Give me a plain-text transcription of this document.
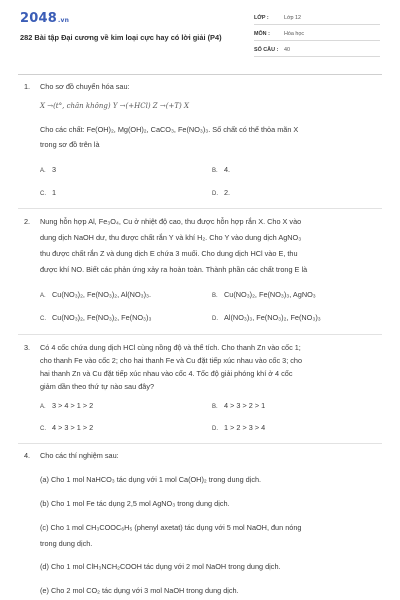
2048.vn
282 Bài tập Đại cương về kim loại cực hay có lời giải (P4)
LỚP :	Lớp 12
MÔN :	Hóa học
SỐ CÂU : 40
1. Cho sơ đồ chuyển hóa sau:
X →(t°, chân không) Y →(+HCl) Z →(+T) X
Cho các chất: Fe(OH)₂, Mg(OH)₂, CaCO₃, Fe(NO₃)₃. Số chất có thể thỏa mãn X
trong sơ đồ trên là
A. 3	B. 4.
C. 1	D. 2.
2. Nung hỗn hợp Al, Fe₃O₄, Cu ở nhiệt độ cao, thu được hỗn hợp rắn X. Cho X vào
dung dịch NaOH dư, thu được chất rắn Y và khí H₂. Cho Y vào dung dịch AgNO₃
thu được chất rắn Z và dung dịch E chứa 3 muối. Cho dung dịch HCl vào E, thu
được khí NO. Biết các phản ứng xảy ra hoàn toàn. Thành phần các chất trong E là
A. Cu(NO₃)₂, Fe(NO₃)₂, Al(NO₃)₃.	B. Cu(NO₃)₂, Fe(NO₃)₃, AgNO₃
C. Cu(NO₃)₂, Fe(NO₃)₂, Fe(NO₃)₃	D. Al(NO₃)₃, Fe(NO₃)₂, Fe(NO₃)₃
3. Có 4 cốc chứa dung dịch HCl cùng nồng độ và thể tích. Cho thanh Zn vào cốc 1;
cho thanh Fe vào cốc 2; cho hai thanh Fe và Cu đặt tiếp xúc nhau vào cốc 3; cho
hai thanh Zn và Cu đặt tiếp xúc nhau vào cốc 4. Tốc độ giải phóng khí ở 4 cốc
giảm dần theo thứ tự nào sau đây?
A. 3 > 4 > 1 > 2	B. 4 > 3 > 2 > 1
C. 4 > 3 > 1 > 2	D. 1 > 2 > 3 > 4
4. Cho các thí nghiệm sau:
(a) Cho 1 mol NaHCO₃ tác dụng với 1 mol Ca(OH)₂ trong dung dịch.
(b) Cho 1 mol Fe tác dụng 2,5 mol AgNO₃ trong dung dịch.
(c) Cho 1 mol CH₃COOC₆H₅ (phenyl axetat) tác dụng với 5 mol NaOH, đun nóng
trong dung dịch.
(d) Cho 1 mol ClH₃NCH₂COOH tác dụng với 2 mol NaOH trong dung dịch.
(e) Cho 2 mol CO₂ tác dụng với 3 mol NaOH trong dung dịch.
